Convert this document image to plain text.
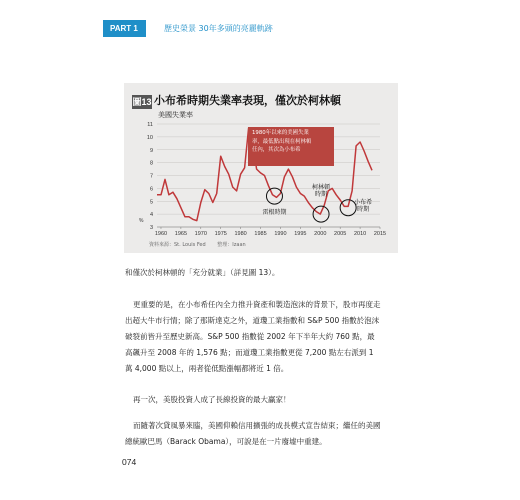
PART 1	歷史榮景 30年多頭的亮麗軌跡
圖13 小布希時期失業率表現，僅次於柯林頓
美國失業率
3
4
5
6
7
8
9
10
11
1960 1965 1970 1975 1980 1985 1990 1995 2000 2005 2010 2015
%
雷根時期
柯林頓
時期
小布希
時期
1980年以來的美國失業
率，最低點出現在柯林頓
任內，其次為小布希
資料來源：St. Louis Fed 整理：Izaan

和僅次於柯林頓的「充分就業」（詳見圖 13）。

更重要的是，在小布希任內全力推升資產和製造泡沫的背景下，股市再度走

出超大牛市行情；除了那斯達克之外，道瓊工業指數和 S&P 500 指數於泡沫

破裂前皆升至歷史新高。S&P 500 指數從 2002 年下半年大約 760 點，最

高飆升至 2008 年的 1,576 點；而道瓊工業指數更從 7,200 點左右派到 1

萬 4,000 點以上，兩者從低點漲幅都將近 1 倍。

再一次，美股投資人成了長線投資的最大贏家！

而隨著次貸風暴來臨，美國仰賴信用擴張的成長模式宣告結束；繼任的美國

總統歐巴馬（Barack Obama），可說是在一片廢墟中重建。

074
